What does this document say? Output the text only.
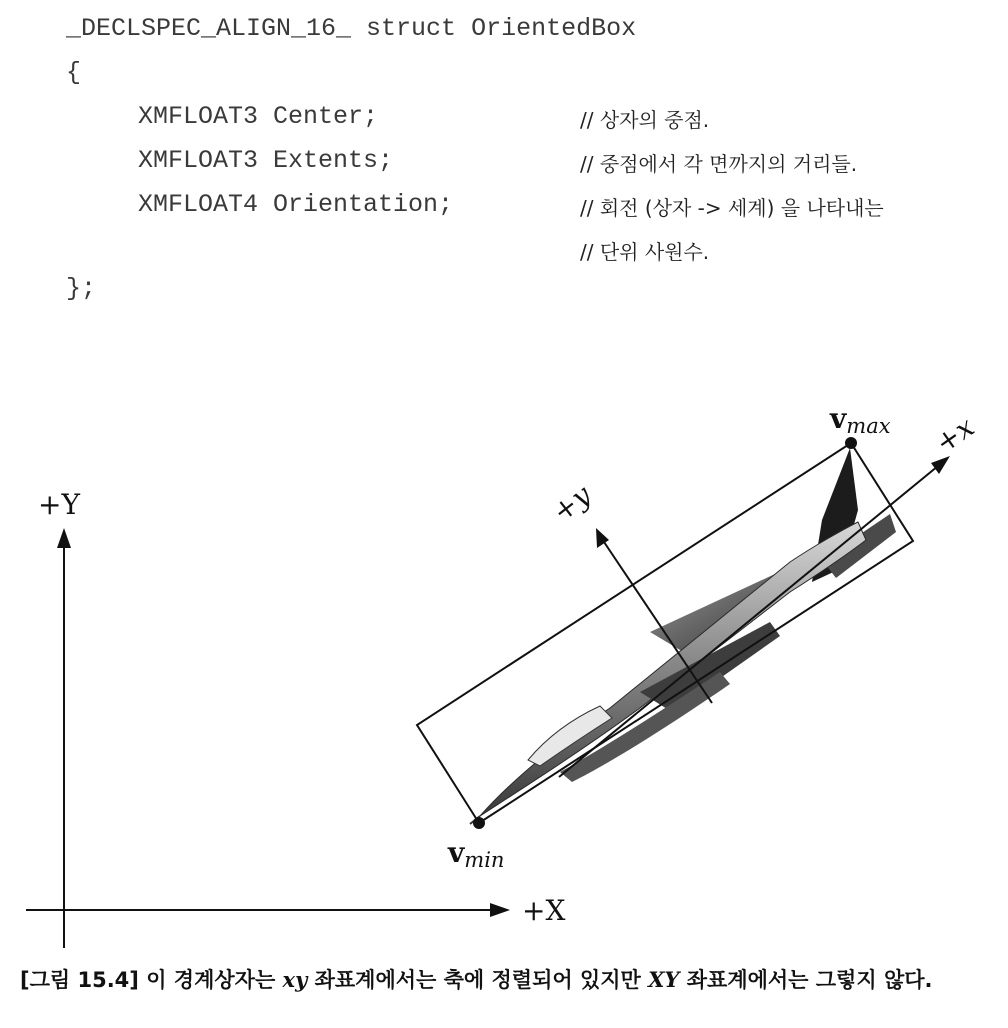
_DECLSPEC_ALIGN_16_ struct OrientedBox
{
XMFLOAT3 Center;
XMFLOAT3 Extents;
XMFLOAT4 Orientation;
};
// 상자의 중점.
// 중점에서 각 면까지의 거리들.
// 회전 (상자 -> 세계) 을 나타내는
// 단위 사원수.
+Y
+X
+x
+y
vmax
vmin
[그림 15.4] 이 경계상자는 xy 좌표계에서는 축에 정렬되어 있지만 XY 좌표계에서는 그렇지 않다.
